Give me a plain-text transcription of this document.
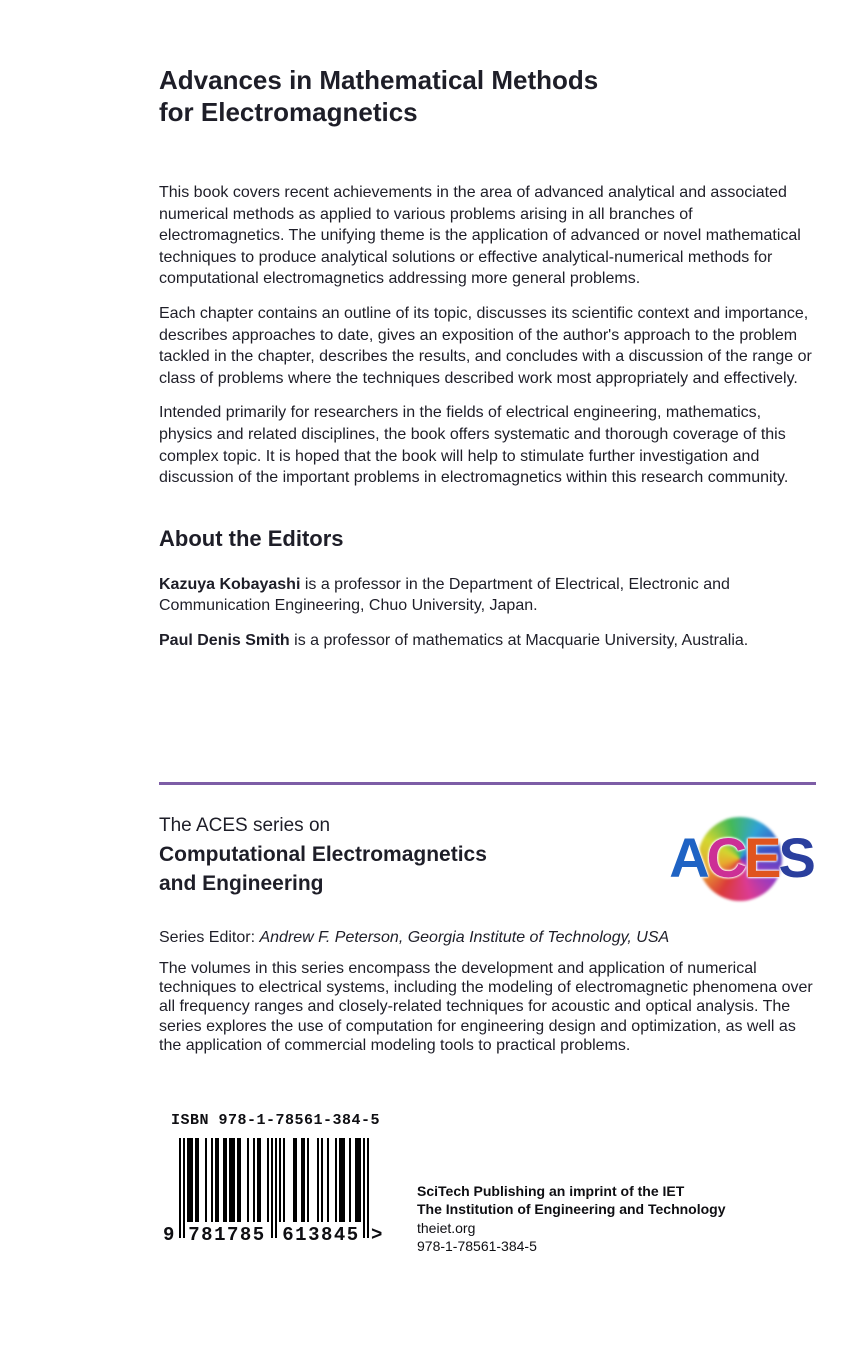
Advances in Mathematical Methods
for Electromagnetics

This book covers recent achievements in the area of advanced analytical and associated numerical methods as applied to various problems arising in all branches of electromagnetics. The unifying theme is the application of advanced or novel mathematical techniques to produce analytical solutions or effective analytical-numerical methods for computational electromagnetics addressing more general problems.

Each chapter contains an outline of its topic, discusses its scientific context and importance, describes approaches to date, gives an exposition of the author's approach to the problem tackled in the chapter, describes the results, and concludes with a discussion of the range or class of problems where the techniques described work most appropriately and effectively.

Intended primarily for researchers in the fields of electrical engineering, mathematics, physics and related disciplines, the book offers systematic and thorough coverage of this complex topic. It is hoped that the book will help to stimulate further investigation and discussion of the important problems in electromagnetics within this research community.

About the Editors

Kazuya Kobayashi is a professor in the Department of Electrical, Electronic and Communication Engineering, Chuo University, Japan.

Paul Denis Smith is a professor of mathematics at Macquarie University, Australia.

The ACES series on
Computational Electromagnetics
and Engineering	ACES

Series Editor: Andrew F. Peterson, Georgia Institute of Technology, USA

The volumes in this series encompass the development and application of numerical techniques to electrical systems, including the modeling of electromagnetic phenomena over all frequency ranges and closely-related techniques for acoustic and optical analysis. The series explores the use of computation for engineering design and optimization, as well as the application of commercial modeling tools to practical problems.

ISBN 978-1-78561-384-5
9 781785 613845 >
SciTech Publishing an imprint of the IET
The Institution of Engineering and Technology
theiet.org
978-1-78561-384-5
